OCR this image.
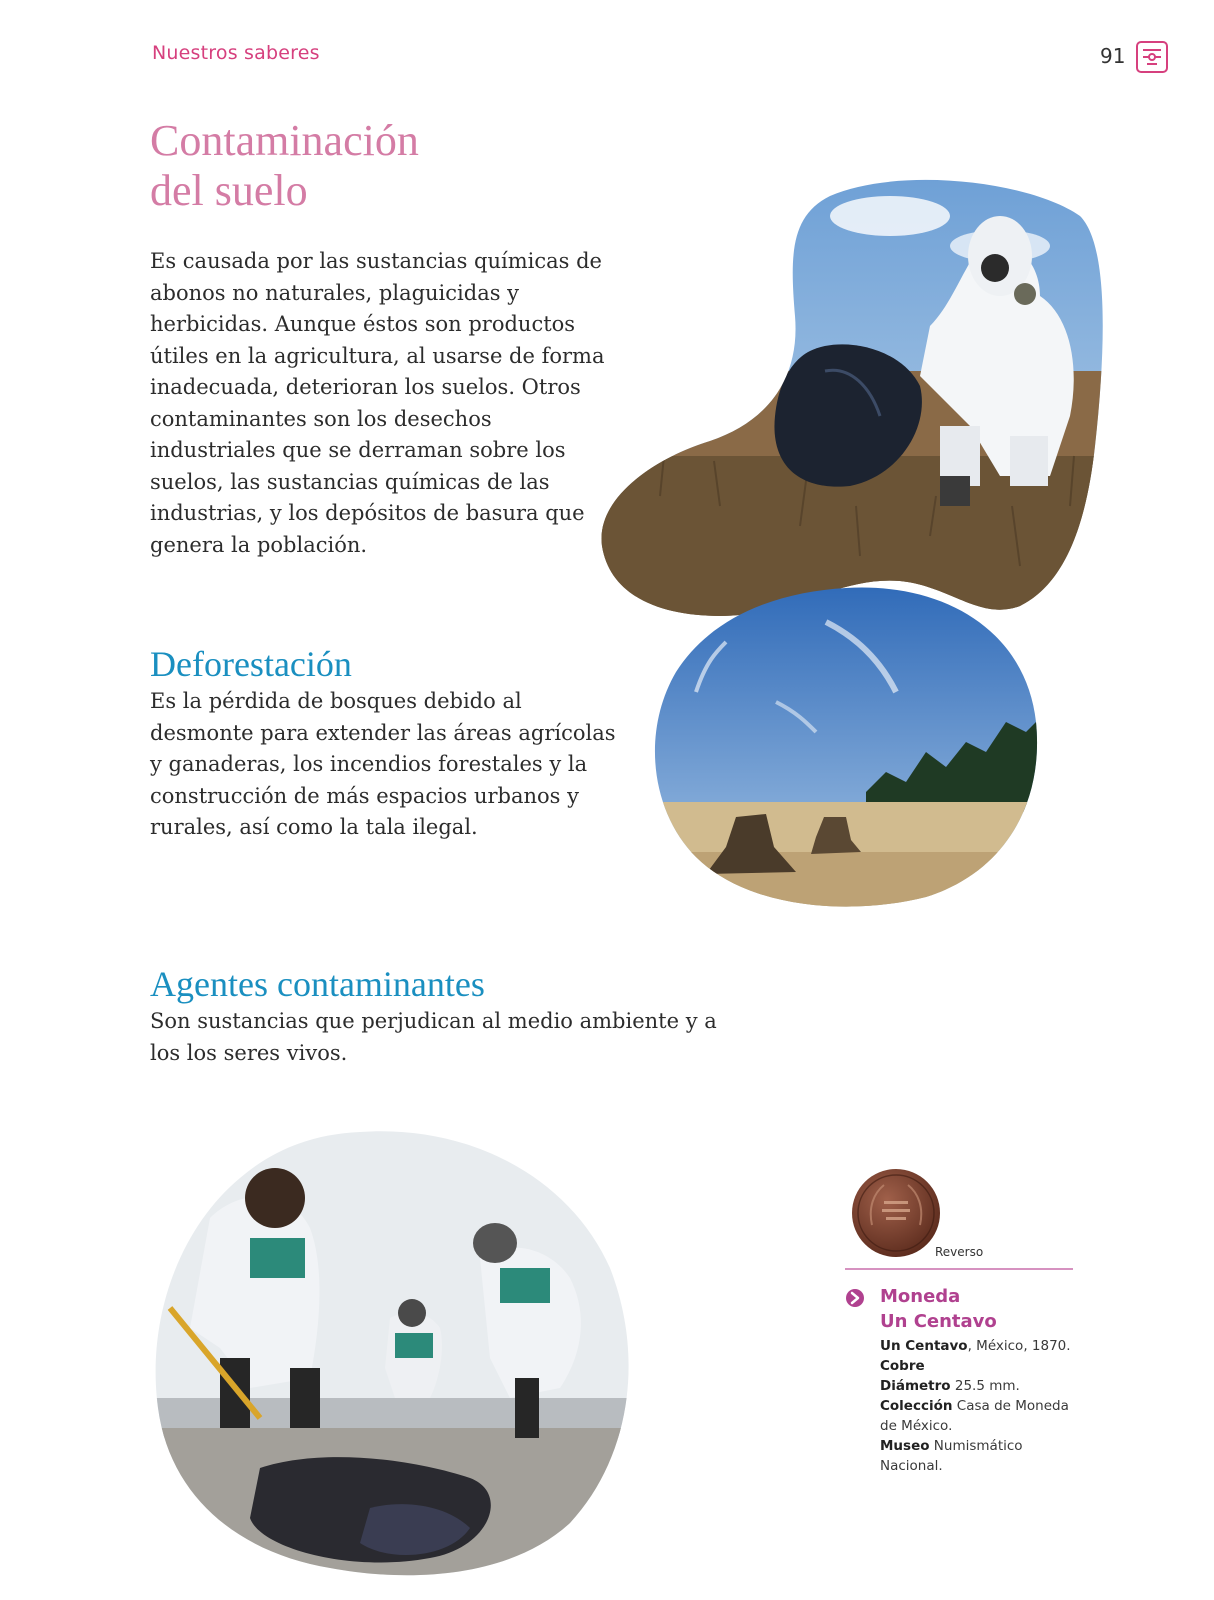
Nuestros saberes	91
Contaminación
del suelo

Es causada por las sustancias químicas de abonos no naturales, plaguicidas y herbicidas. Aunque éstos son productos útiles en la agricultura, al usarse de forma inadecuada, deterioran los suelos. Otros contaminantes son los desechos industriales que se derraman sobre los suelos, las sustancias químicas de las industrias, y los depósitos de basura que genera la población.

Deforestación

Es la pérdida de bosques debido al desmonte para extender las áreas agrícolas y ganaderas, los incendios forestales y la construcción de más espacios urbanos y rurales, así como la tala ilegal.

Agentes contaminantes

Son sustancias que perjudican al medio ambiente y a los los seres vivos.

Reverso
Moneda
Un Centavo
Un Centavo, México, 1870.
Cobre
Diámetro 25.5 mm.
Colección Casa de Moneda de México.
Museo Numismático Nacional.
